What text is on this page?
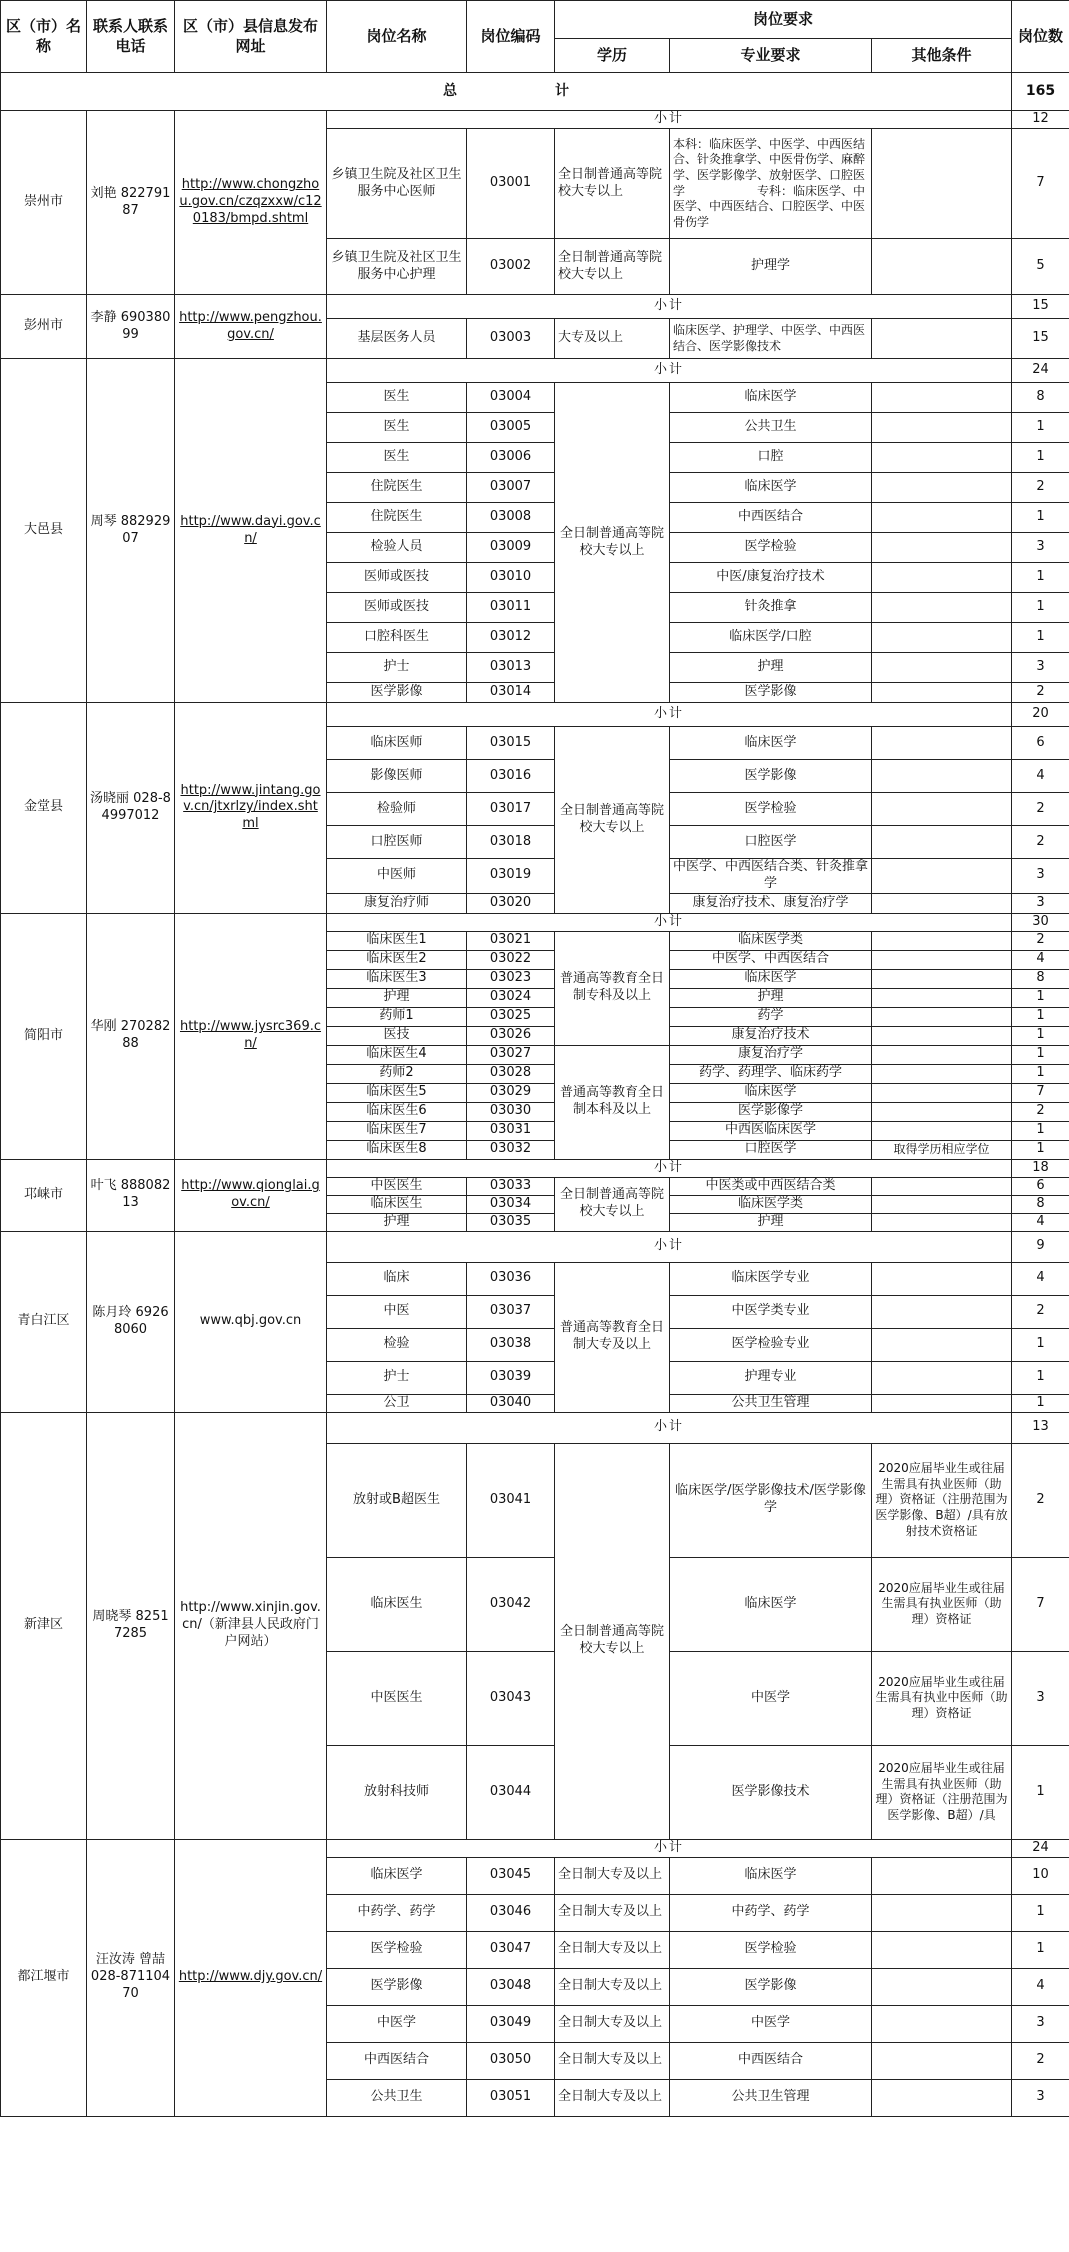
区（市）名称	联系人联系电话	区（市）县信息发布网址	岗位名称	岗位编码	岗位要求			岗位数
					学历	专业要求	其他条件	
总　　　　　　　计								165
崇州市	刘艳 82279187	http://www.chongzhou.gov.cn/czqzxxw/c120183/bmpd.shtml	小计					12
			乡镇卫生院及社区卫生服务中心医师	03001	全日制普通高等院校大专以上	本科：临床医学、中医学、中西医结合、针灸推拿学、中医骨伤学、麻醉学、医学影像学、放射医学、口腔医学　　　　　　专科：临床医学、中医学、中西医结合、口腔医学、中医骨伤学		7
			乡镇卫生院及社区卫生服务中心护理	03002	全日制普通高等院校大专以上	护理学		5
彭州市	李静 69038099	http://www.pengzhou.gov.cn/	小计					15
			基层医务人员	03003	大专及以上	临床医学、护理学、中医学、中西医结合、医学影像技术		15
大邑县	周琴 88292907	http://www.dayi.gov.cn/	小计					24
			医生	03004	全日制普通高等院校大专以上	临床医学		8
			医生	03005		公共卫生		1
			医生	03006		口腔		1
			住院医生	03007		临床医学		2
			住院医生	03008		中西医结合		1
			检验人员	03009		医学检验		3
			医师或医技	03010		中医/康复治疗技术		1
			医师或医技	03011		针灸推拿		1
			口腔科医生	03012		临床医学/口腔		1
			护士	03013		护理		3
			医学影像	03014		医学影像		2
金堂县	汤晓丽 028-84997012	http://www.jintang.gov.cn/jtxrlzy/index.shtml	小计					20
			临床医师	03015	全日制普通高等院校大专以上	临床医学		6
			影像医师	03016		医学影像		4
			检验师	03017		医学检验		2
			口腔医师	03018		口腔医学		2
			中医师	03019		中医学、中西医结合类、针灸推拿学		3
			康复治疗师	03020		康复治疗技术、康复治疗学		3
简阳市	华刚 27028288	http://www.jysrc369.cn/	小计					30
			临床医生1	03021	普通高等教育全日制专科及以上	临床医学类		2
			临床医生2	03022		中医学、中西医结合		4
			临床医生3	03023		临床医学		8
			护理	03024		护理		1
			药师1	03025		药学		1
			医技	03026		康复治疗技术		1
			临床医生4	03027	普通高等教育全日制本科及以上	康复治疗学		1
			药师2	03028		药学、药理学、临床药学		1
			临床医生5	03029		临床医学		7
			临床医生6	03030		医学影像学		2
			临床医生7	03031		中西医临床医学		1
			临床医生8	03032		口腔医学	取得学历相应学位	1
邛崃市	叶飞 88808213	http://www.qionglai.gov.cn/	小计					18
			中医医生	03033	全日制普通高等院校大专以上	中医类或中西医结合类		6
			临床医生	03034		临床医学类		8
			护理	03035		护理		4
青白江区	陈月玲 69268060	www.qbj.gov.cn	小计					9
			临床	03036	普通高等教育全日制大专及以上	临床医学专业		4
			中医	03037		中医学类专业		2
			检验	03038		医学检验专业		1
			护士	03039		护理专业		1
			公卫	03040		公共卫生管理		1
新津区	周晓琴 82517285	http://www.xinjin.gov.cn/（新津县人民政府门户网站）	小计					13
			放射或B超医生	03041	全日制普通高等院校大专以上	临床医学/医学影像技术/医学影像学	2020应届毕业生或往届生需具有执业医师（助理）资格证（注册范围为医学影像、B超）/具有放射技术资格证	2
			临床医生	03042		临床医学	2020应届毕业生或往届生需具有执业医师（助理）资格证	7
			中医医生	03043		中医学	2020应届毕业生或往届生需具有执业中医师（助理）资格证	3
			放射科技师	03044		医学影像技术	2020应届毕业生或往届生需具有执业医师（助理）资格证（注册范围为医学影像、B超）/具	1
都江堰市	汪汝涛 曾喆 028-87110470	http://www.djy.gov.cn/	小计					24
			临床医学	03045	全日制大专及以上	临床医学		10
			中药学、药学	03046	全日制大专及以上	中药学、药学		1
			医学检验	03047	全日制大专及以上	医学检验		1
			医学影像	03048	全日制大专及以上	医学影像		4
			中医学	03049	全日制大专及以上	中医学		3
			中西医结合	03050	全日制大专及以上	中西医结合		2
			公共卫生	03051	全日制大专及以上	公共卫生管理		3
